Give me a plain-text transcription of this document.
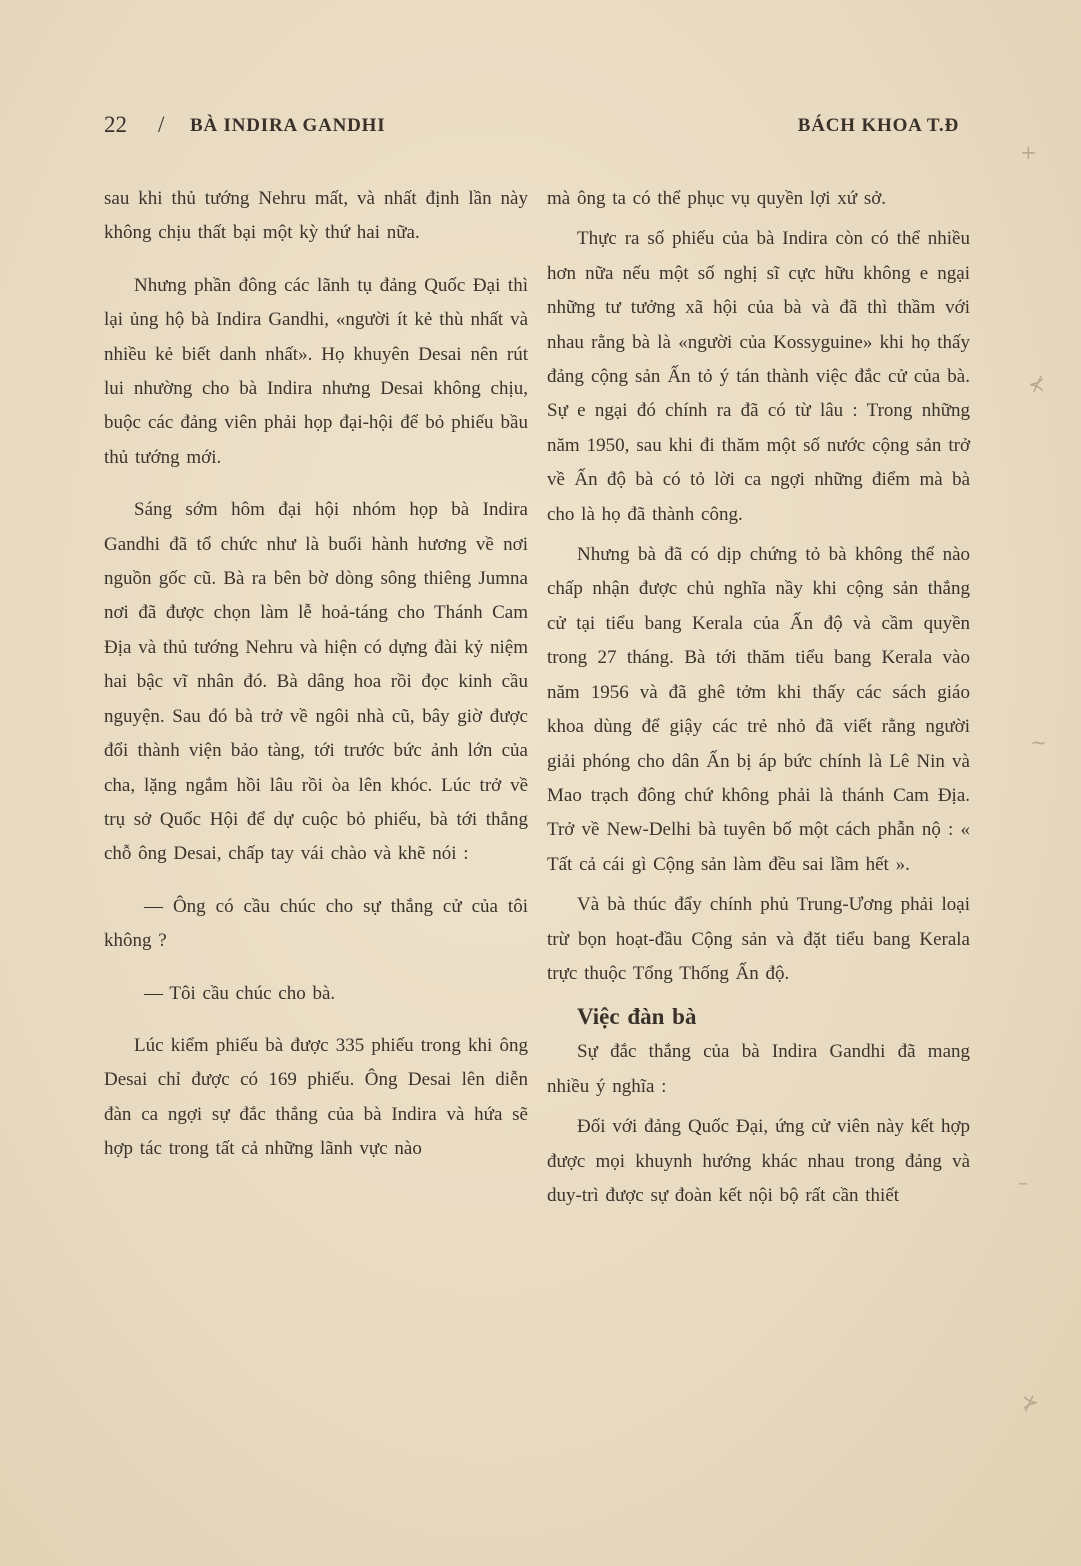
22 / BÀ INDIRA GANDHI	BÁCH KHOA T.Đ

sau khi thủ tướng Nehru mất, và nhất định lần này không chịu thất bại một kỳ thứ hai nữa.

Nhưng phần đông các lãnh tụ đảng Quốc Đại thì lại ủng hộ bà Indira Gandhi, «người ít kẻ thù nhất và nhiều kẻ biết danh nhất». Họ khuyên Desai nên rút lui nhường cho bà Indira nhưng Desai không chịu, buộc các đảng viên phải họp đại-hội để bỏ phiếu bầu thủ tướng mới.

Sáng sớm hôm đại hội nhóm họp bà Indira Gandhi đã tổ chức như là buổi hành hương về nơi nguồn gốc cũ. Bà ra bên bờ dòng sông thiêng Jumna nơi đã được chọn làm lễ hoả-táng cho Thánh Cam Địa và thủ tướng Nehru và hiện có dựng đài kỷ niệm hai bậc vĩ nhân đó. Bà dâng hoa rồi đọc kinh cầu nguyện. Sau đó bà trở về ngôi nhà cũ, bây giờ được đổi thành viện bảo tàng, tới trước bức ảnh lớn của cha, lặng ngắm hồi lâu rồi òa lên khóc. Lúc trở về trụ sở Quốc Hội để dự cuộc bỏ phiếu, bà tới thẳng chỗ ông Desai, chấp tay vái chào và khẽ nói :

— Ông có cầu chúc cho sự thắng cử của tôi không ?

— Tôi cầu chúc cho bà.

Lúc kiểm phiếu bà được 335 phiếu trong khi ông Desai chỉ được có 169 phiếu. Ông Desai lên diễn đàn ca ngợi sự đắc thắng của bà Indira và hứa sẽ hợp tác trong tất cả những lãnh vực nào

mà ông ta có thể phục vụ quyền lợi xứ sở.

Thực ra số phiếu của bà Indira còn có thể nhiều hơn nữa nếu một số nghị sĩ cực hữu không e ngại những tư tưởng xã hội của bà và đã thì thầm với nhau rằng bà là «người của Kossyguine» khi họ thấy đảng cộng sản Ấn tỏ ý tán thành việc đắc cử của bà. Sự e ngại đó chính ra đã có từ lâu : Trong những năm 1950, sau khi đi thăm một số nước cộng sản trở về Ấn độ bà có tỏ lời ca ngợi những điểm mà bà cho là họ đã thành công.

Nhưng bà đã có dịp chứng tỏ bà không thể nào chấp nhận được chủ nghĩa nầy khi cộng sản thắng cử tại tiểu bang Kerala của Ấn độ và cầm quyền trong 27 tháng. Bà tới thăm tiểu bang Kerala vào năm 1956 và đã ghê tởm khi thấy các sách giáo khoa dùng để giậy các trẻ nhỏ đã viết rằng người giải phóng cho dân Ấn bị áp bức chính là Lê Nin và Mao trạch đông chứ không phải là thánh Cam Địa. Trở về New-Delhi bà tuyên bố một cách phẫn nộ : « Tất cả cái gì Cộng sản làm đều sai lầm hết ».

Và bà thúc đẩy chính phủ Trung-Ương phải loại trừ bọn hoạt-đầu Cộng sản và đặt tiểu bang Kerala trực thuộc Tổng Thống Ấn độ.

Việc đàn bà

Sự đắc thắng của bà Indira Gandhi đã mang nhiều ý nghĩa :

Đối với đảng Quốc Đại, ứng cử viên này kết hợp được mọi khuynh hướng khác nhau trong đảng và duy-trì được sự đoàn kết nội bộ rất cần thiết

+
⊀
~
–
⊁
